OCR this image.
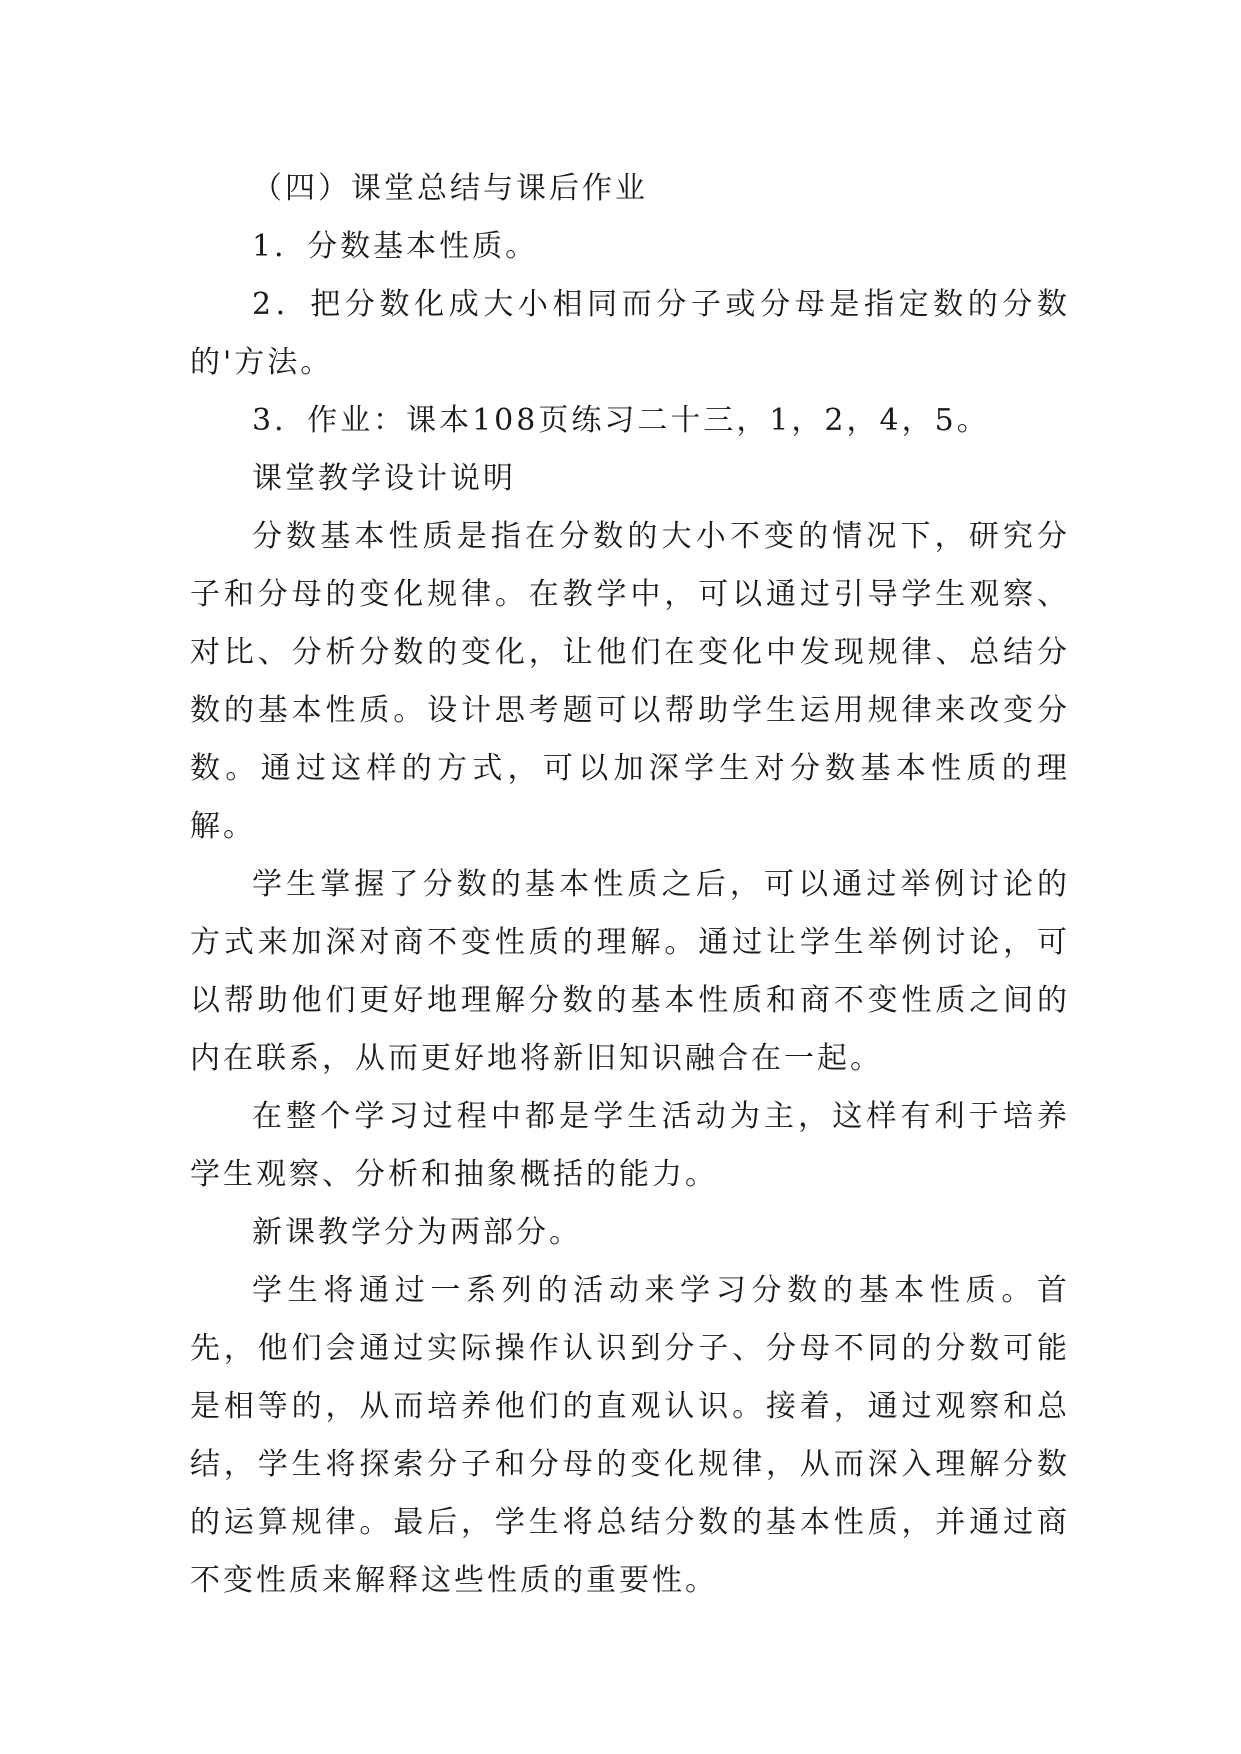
（四）课堂总结与课后作业

1．分数基本性质。

2．把分数化成大小相同而分子或分母是指定数的分数的'方法。

3．作业：课本108页练习二十三，1，2，4，5。

课堂教学设计说明

分数基本性质是指在分数的大小不变的情况下，研究分子和分母的变化规律。在教学中，可以通过引导学生观察、对比、分析分数的变化，让他们在变化中发现规律、总结分数的基本性质。设计思考题可以帮助学生运用规律来改变分数。通过这样的方式，可以加深学生对分数基本性质的理解。

学生掌握了分数的基本性质之后，可以通过举例讨论的方式来加深对商不变性质的理解。通过让学生举例讨论，可以帮助他们更好地理解分数的基本性质和商不变性质之间的内在联系，从而更好地将新旧知识融合在一起。

在整个学习过程中都是学生活动为主，这样有利于培养学生观察、分析和抽象概括的能力。

新课教学分为两部分。

学生将通过一系列的活动来学习分数的基本性质。首先，他们会通过实际操作认识到分子、分母不同的分数可能是相等的，从而培养他们的直观认识。接着，通过观察和总结，学生将探索分子和分母的变化规律，从而深入理解分数的运算规律。最后，学生将总结分数的基本性质，并通过商不变性质来解释这些性质的重要性。
